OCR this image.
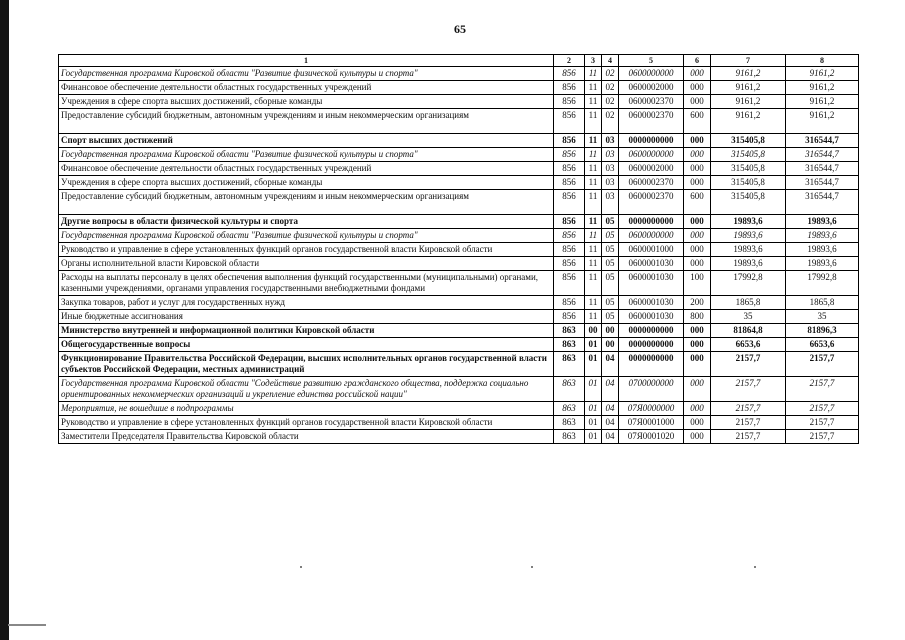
65
1	2	3	4	5	6	7	8
Государственная программа Кировской области "Развитие физической культуры и спорта"	856	11	02	0600000000	000	9161,2	9161,2
Финансовое обеспечение деятельности областных государственных учреждений	856	11	02	0600002000	000	9161,2	9161,2
Учреждения в сфере спорта высших достижений, сборные команды	856	11	02	0600002370	000	9161,2	9161,2
Предоставление субсидий бюджетным, автономным учреждениям и иным некоммерческим организациям	856	11	02	0600002370	600	9161,2	9161,2
Спорт высших достижений	856	11	03	0000000000	000	315405,8	316544,7
Государственная программа Кировской области "Развитие физической культуры и спорта"	856	11	03	0600000000	000	315405,8	316544,7
Финансовое обеспечение деятельности областных государственных учреждений	856	11	03	0600002000	000	315405,8	316544,7
Учреждения в сфере спорта высших достижений, сборные команды	856	11	03	0600002370	000	315405,8	316544,7
Предоставление субсидий бюджетным, автономным учреждениям и иным некоммерческим организациям	856	11	03	0600002370	600	315405,8	316544,7
Другие вопросы в области физической культуры и спорта	856	11	05	0000000000	000	19893,6	19893,6
Государственная программа Кировской области "Развитие физической культуры и спорта"	856	11	05	0600000000	000	19893,6	19893,6
Руководство и управление в сфере установленных функций органов государственной власти Кировской области	856	11	05	0600001000	000	19893,6	19893,6
Органы исполнительной власти Кировской области	856	11	05	0600001030	000	19893,6	19893,6
Расходы на выплаты персоналу в целях обеспечения выполнения функций государственными (муниципальными) органами, казенными учреждениями, органами управления государственными внебюджетными фондами	856	11	05	0600001030	100	17992,8	17992,8
Закупка товаров, работ и услуг для государственных нужд	856	11	05	0600001030	200	1865,8	1865,8
Иные бюджетные ассигнования	856	11	05	0600001030	800	35	35
Министерство внутренней и информационной политики Кировской области	863	00	00	0000000000	000	81864,8	81896,3
Общегосударственные вопросы	863	01	00	0000000000	000	6653,6	6653,6
Функционирование Правительства Российской Федерации, высших исполнительных органов государственной власти субъектов Российской Федерации, местных администраций	863	01	04	0000000000	000	2157,7	2157,7
Государственная программа Кировской области "Содействие развитию гражданского общества, поддержка социально ориентированных некоммерческих организаций и укрепление единства российской нации"	863	01	04	0700000000	000	2157,7	2157,7
Мероприятия, не вошедшие в подпрограммы	863	01	04	07Я0000000	000	2157,7	2157,7
Руководство и управление в сфере установленных функций органов государственной власти Кировской области	863	01	04	07Я0001000	000	2157,7	2157,7
Заместители Председателя Правительства Кировской области	863	01	04	07Я0001020	000	2157,7	2157,7
